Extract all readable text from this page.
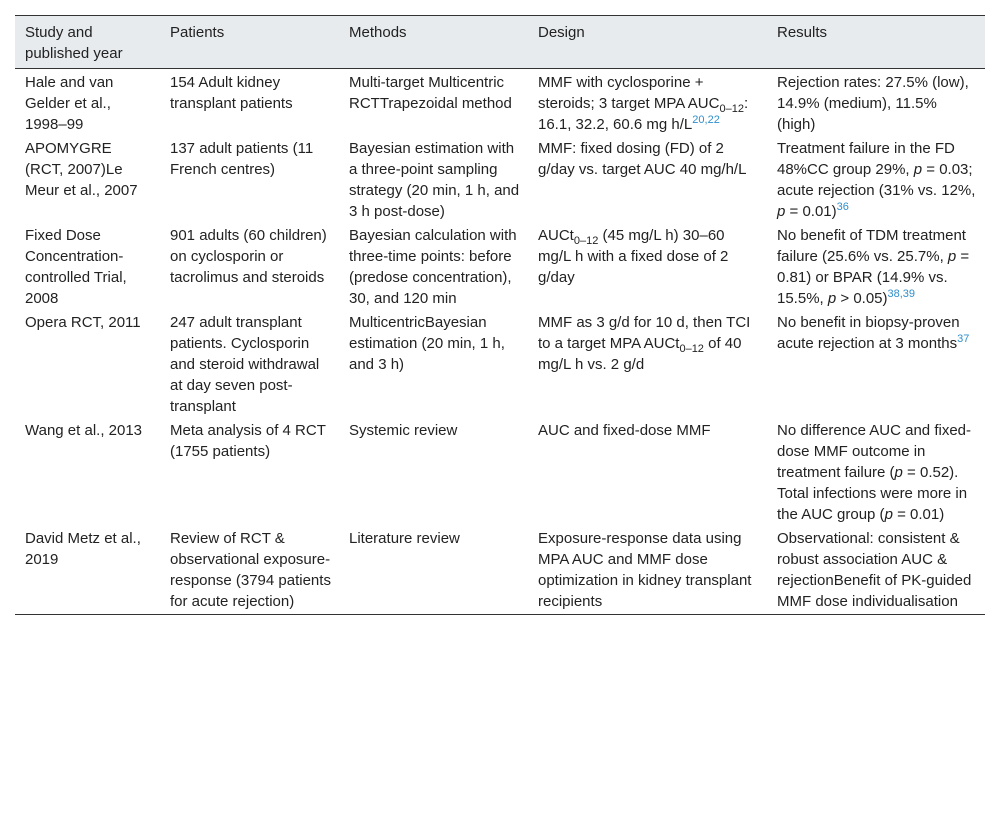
Study and published year	Patients	Methods	Design	Results
Hale and van Gelder et al., 1998–99	154 Adult kidney transplant patients	Multi-target Multicentric RCTTrapezoidal method	MMF with cyclosporine + steroids; 3 target MPA $AUC_{0-12}$: 16.1, 32.2, 60.6 mg h/L$^{20,22}$	Rejection rates: 27.5% (low), 14.9% (medium), 11.5% (high)
APOMYGRE (RCT, 2007)Le Meur et al., 2007	137 adult patients (11 French centres)	Bayesian estimation with a three-point sampling strategy (20 min, 1 h, and 3 h post-dose)	MMF: fixed dosing (FD) of 2 g/day vs. target AUC 40 mg/h/L	Treatment failure in the FD 48%CC group 29%, p = 0.03; acute rejection (31% vs. 12%, p = 0.01)$^{36}$
Fixed Dose Concentration-controlled Trial, 2008	901 adults (60 children) on cyclosporin or tacrolimus and steroids	Bayesian calculation with three-time points: before (predose concentration), 30, and 120 min	AUCt$_{0-12}$ (45 mg/L h) 30–60 mg/L h with a fixed dose of 2 g/day	No benefit of TDM treatment failure (25.6% vs. 25.7%, p = 0.81) or BPAR (14.9% vs. 15.5%, p > 0.05)$^{38,39}$
Opera RCT, 2011	247 adult transplant patients. Cyclosporin and steroid withdrawal at day seven post-transplant	MulticentricBayesian estimation (20 min, 1 h, and 3 h)	MMF as 3 g/d for 10 d, then TCI to a target MPA AUCt$_{0-12}$ of 40 mg/L h vs. 2 g/d	No benefit in biopsy-proven acute rejection at 3 months$^{37}$
Wang et al., 2013	Meta analysis of 4 RCT (1755 patients)	Systemic review	AUC and fixed-dose MMF	No difference AUC and fixed-dose MMF outcome in treatment failure (p = 0.52). Total infections were more in the AUC group (p = 0.01)
David Metz et al., 2019	Review of RCT & observational exposure-response (3794 patients for acute rejection)	Literature review	Exposure-response data using MPA AUC and MMF dose optimization in kidney transplant recipients	Observational: consistent & robust association AUC & rejectionBenefit of PK-guided MMF dose individualisation
